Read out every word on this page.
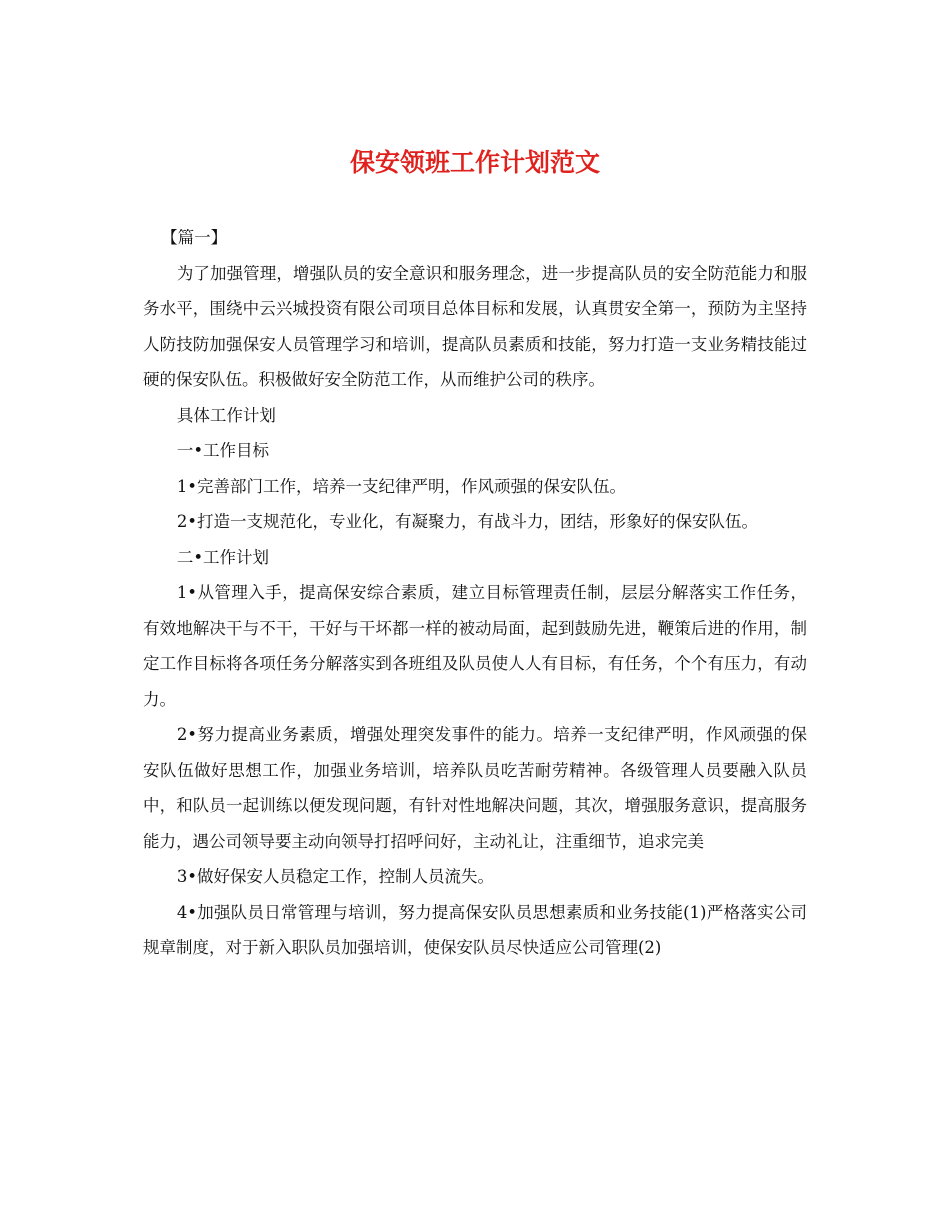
保安领班工作计划范文

【篇一】

为了加强管理，增强队员的安全意识和服务理念，进一步提高队员的安全防范能力和服务水平，围绕中云兴城投资有限公司项目总体目标和发展，认真贯安全第一，预防为主坚持人防技防加强保安人员管理学习和培训，提高队员素质和技能，努力打造一支业务精技能过硬的保安队伍。积极做好安全防范工作，从而维护公司的秩序。

具体工作计划

一•工作目标

1•完善部门工作，培养一支纪律严明，作风顽强的保安队伍。

2•打造一支规范化，专业化，有凝聚力，有战斗力，团结，形象好的保安队伍。

二•工作计划

1•从管理入手，提高保安综合素质，建立目标管理责任制，层层分解落实工作任务，有效地解决干与不干，干好与干坏都一样的被动局面，起到鼓励先进，鞭策后进的作用，制定工作目标将各项任务分解落实到各班组及队员使人人有目标，有任务，个个有压力，有动力。

2•努力提高业务素质，增强处理突发事件的能力。培养一支纪律严明，作风顽强的保安队伍做好思想工作，加强业务培训，培养队员吃苦耐劳精神。各级管理人员要融入队员中，和队员一起训练以便发现问题，有针对性地解决问题，其次，增强服务意识，提高服务能力，遇公司领导要主动向领导打招呼问好，主动礼让，注重细节，追求完美

3•做好保安人员稳定工作，控制人员流失。

4•加强队员日常管理与培训，努力提高保安队员思想素质和业务技能(1)严格落实公司规章制度，对于新入职队员加强培训，使保安队员尽快适应公司管理(2)
